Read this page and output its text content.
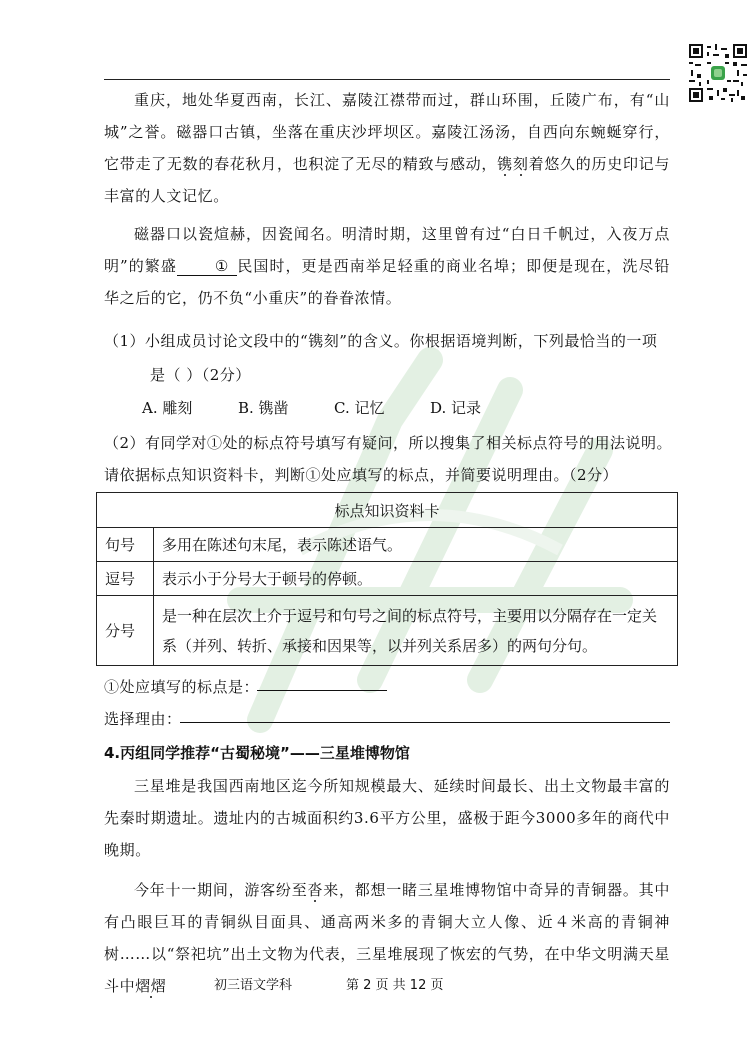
重庆，地处华夏西南，长江、嘉陵江襟带而过，群山环围，丘陵广布，有“山城”之誉。磁器口古镇，坐落在重庆沙坪坝区。嘉陵江汤汤，自西向东蜿蜒穿行，它带走了无数的春花秋月，也积淀了无尽的精致与感动，镌刻着悠久的历史印记与丰富的人文记忆。
磁器口以瓷煊赫，因瓷闻名。明清时期，这里曾有过“白日千帆过，入夜万点明”的繁盛	① 民国时，更是西南举足轻重的商业名埠；即便是现在，洗尽铅华之后的它，仍不负“小重庆”的眷眷浓情。
（1）小组成员讨论文段中的“镌刻”的含义。你根据语境判断，下列最恰当的一项
是（ ）（2分）
A. 雕刻	B. 镌凿	C. 记忆	D. 记录
（2）有同学对①处的标点符号填写有疑问，所以搜集了相关标点符号的用法说明。
请依据标点知识资料卡，判断①处应填写的标点，并简要说明理由。（2分）
标点知识资料卡	
句号	多用在陈述句末尾，表示陈述语气。
逗号	表示小于分号大于顿号的停顿。
分号	是一种在层次上介于逗号和句号之间的标点符号，主要用以分隔存在一定关系（并列、转折、承接和因果等，以并列关系居多）的两句分句。
①处应填写的标点是：
选择理由：
4.丙组同学推荐“古蜀秘境”——三星堆博物馆
三星堆是我国西南地区迄今所知规模最大、延续时间最长、出土文物最丰富的先秦时期遗址。遗址内的古城面积约3.6平方公里，盛极于距今3000多年的商代中晚期。
今年十一期间，游客纷至沓来，都想一睹三星堆博物馆中奇异的青铜器。其中有凸眼巨耳的青铜纵目面具、通高两米多的青铜大立人像、近４米高的青铜神树……以“祭祀坑”出土文物为代表，三星堆展现了恢宏的气势，在中华文明满天星斗中熠熠	初三语文学科	第 2 页 共 12 页
